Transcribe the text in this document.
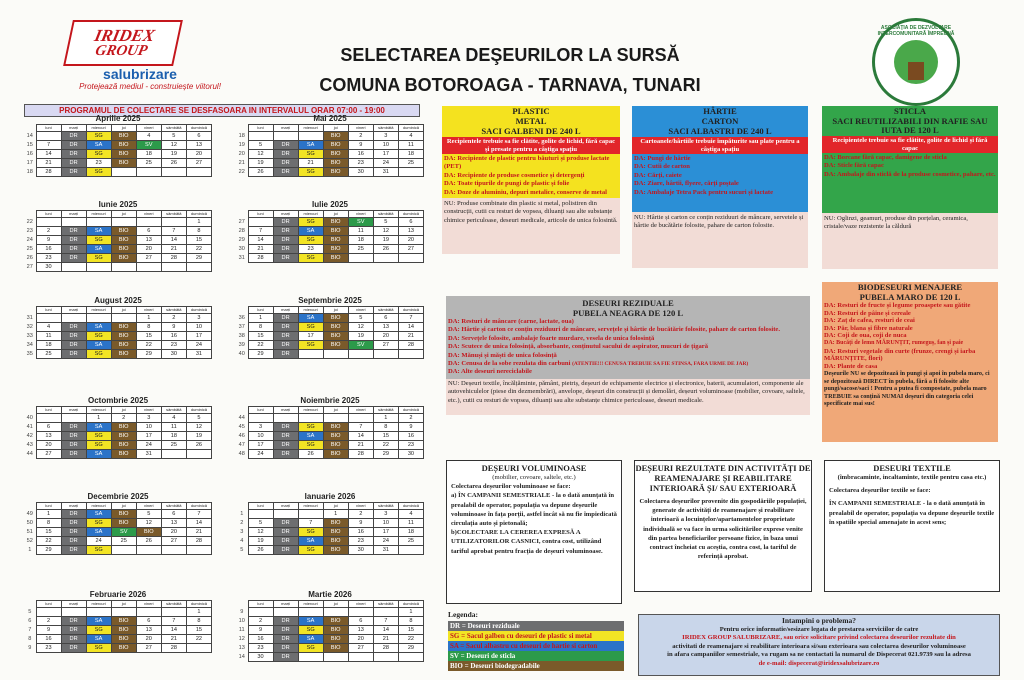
IRIDEX
GROUP
salubrizare
Protejează mediul - construiește viitorul!
SELECTAREA DEŞEURILOR LA SURSĂ
COMUNA BOTOROAGA - TARNAVA, TUNARI
ASOCIAŢIA DE DEZVOLTARE INTERCOMUNITARĂ ÎMPREUNĂ
PROGRAMUL DE COLECTARE SE DESFASOARA IN INTERVALUL ORAR 07:00 - 19:00
Aprilie 2025
	luni	marți	miercuri	joi	vineri	sâmbătă	duminică
14		DR	SG	BIO	4	5	6
15	7	DR	SA	BIO	SV	12	13
16	14	DR	SG	BIO	18	19	20
17	21	DR	23	BIO	25	26	27
18	28	DR	SG				
Mai 2025
	luni	marți	miercuri	joi	vineri	sâmbătă	duminică
18				BIO	2	3	4
19	5	DR	SA	BIO	9	10	11
20	12	DR	SG	BIO	16	17	18
21	19	DR	21	BIO	23	24	25
22	26	DR	SG	BIO	30	31	
Iunie 2025
	luni	marți	miercuri	joi	vineri	sâmbătă	duminică
22							1
23	2	DR	SA	BIO	6	7	8
24	9	DR	SG	BIO	13	14	15
25	16	DR	SA	BIO	20	21	22
26	23	DR	SG	BIO	27	28	29
27	30						
Iulie 2025
	luni	marți	miercuri	joi	vineri	sâmbătă	duminică
27		DR	SG	BIO	SV	5	6
28	7	DR	SA	BIO	11	12	13
29	14	DR	SG	BIO	18	19	20
30	21	DR	23	BIO	25	26	27
31	28	DR	SG	BIO			
August 2025
	luni	marți	miercuri	joi	vineri	sâmbătă	duminică
31					1	2	3
32	4	DR	SA	BIO	8	9	10
33	11	DR	SG	BIO	15	16	17
34	18	DR	SA	BIO	22	23	24
35	25	DR	SG	BIO	29	30	31
Septembrie 2025
	luni	marți	miercuri	joi	vineri	sâmbătă	duminică
36	1	DR	SA	BIO	5	6	7
37	8	DR	SG	BIO	12	13	14
38	15	DR	17	BIO	19	20	21
39	22	DR	SG	BIO	SV	27	28
40	29	DR					
Octombrie 2025
	luni	marți	miercuri	joi	vineri	sâmbătă	duminică
40			1	2	3	4	5
41	6	DR	SA	BIO	10	11	12
42	13	DR	SG	BIO	17	18	19
43	20	DR	SG	BIO	24	25	26
44	27	DR	SA	BIO	31		
Noiembrie 2025
	luni	marți	miercuri	joi	vineri	sâmbătă	duminică
44						1	2
45	3	DR	SG	BIO	7	8	9
46	10	DR	SA	BIO	14	15	16
47	17	DR	SG	BIO	21	22	23
48	24	DR	26	BIO	28	29	30
Decembrie 2025
	luni	marți	miercuri	joi	vineri	sâmbătă	duminică
49	1	DR	SA	BIO	5	6	7
50	8	DR	SG	BIO	12	13	14
51	15	DR	SA	SV	BIO	20	21
52	22	DR	24	25	26	27	28
1	29	DR	SG				
Ianuarie 2026
	luni	marți	miercuri	joi	vineri	sâmbătă	duminică
1				1	2	3	4
2	5	DR	7	BIO	9	10	11
3	12	DR	SG	BIO	16	17	18
4	19	DR	SA	BIO	23	24	25
5	26	DR	SG	BIO	30	31	
Februarie 2026
	luni	marți	miercuri	joi	vineri	sâmbătă	duminică
5							1
6	2	DR	SA	BIO	6	7	8
7	9	DR	SG	BIO	13	14	15
8	16	DR	SA	BIO	20	21	22
9	23	DR	SG	BIO	27	28	
Martie 2026
	luni	marți	miercuri	joi	vineri	sâmbătă	duminică
9							1
10	2	DR	SA	BIO	6	7	8
11	9	DR	SG	BIO	13	14	15
12	16	DR	SA	BIO	20	21	22
13	23	DR	SG	BIO	27	28	29
14	30	DR					
PLASTIC
METAL
SACI GALBENI DE 240 L
Recipientele trebuie sa fie clătite, golite de lichid, fără capac și presate pentru a câștiga spațiu
DA: Recipiente de plastic pentru băuturi și produse lactate (PET)
DA: Recipiente de produse cosmetice și detergenți
DA: Toate tipurile de pungi de plastic și folie
DA: Doze de aluminiu, depuri metalice, conserve de metal
NU: Produse combinate din plastic si metal, polistiren din construcții, cutii cu resturi de vopsea, diluanți sau alte substanțe chimice periculoase, deseuri medicale, articole de unica folosintă.
HÂRTIE
CARTON
SACI ALBASTRI DE 240 L
Cartoanele/hârtiile trebuie împăturite sau plate pentru a câștiga spațiu
DA: Pungi de hârtie
DA: Cutii de carton
DA: Cărți, caiete
DA: Ziare, hârtii, flyere, cărți poștale
DA: Ambalaje Tetra Pack pentru sucuri și lactate
NU: Hârtie și carton ce conțin reziduuri de mâncare, servetele și hârtie de bucătărie folosite, pahare de carton folosite.
STICLA
SACI REUTILIZABILI DIN RAFIE SAU IUTA DE 120 L
Recipientele trebuie sa fie clătite, golite de lichid și fără capac
DA: Borcane fără capac, damigene de sticla
DA: Sticle fără capac
DA: Ambalaje din sticlă de la produse cosmetice, pahare, etc.
NU: Oglinzi, geamuri, produse din porțelan, ceramica, cristale/vaze rezistente la căldură
DESEURI REZIDUALE
PUBELA NEAGRA DE 120 L
DA: Resturi de mâncare (carne, lactate, oua)
DA: Hârtie și carton ce conțin reziduuri de mâncare, servețele și hârtie de bucătărie folosite, pahare de carton folosite.
DA: Servețele folosite, ambalaje foarte murdare, vesela de unica folosință
DA: Scutece de unica folosință, absorbante, conținutul sacului de aspirator, mucuri de țigară
DA: Mănuși și măști de unica folosință
DA: Cenusa de la sobe rezulata din carbuni (ATENTIE!!! CENUSA TREBUIE SA FIE STINSA, FARA URME DE JAR)
DA: Alte deseuri nereciclabile
NU: Deșeuri textile, încălțăminte, pământ, pietriș, deșeuri de echipamente electrice și electronice, baterii, acumulatori, componente ale autovehiculelor (piese din dezmembrări), anvelope, deșeuri din construcții și demolări, deșeuri voluminoase (mobilier, covoare, saltele, etc.), cutii cu resturi de vopsea, diluanți sau alte substanțe chimice periculoase, deseuri medicale.
BIODESEURI MENAJERE
PUBELA MARO DE 120 L
DA: Resturi de fructe și legume proaspete sau gătite
DA: Resturi de pâine și cereale
DA: Zaț de cafea, resturi de ceai
DA: Păr, blana și fibre naturale
DA: Coji de oua, coji de nuca
DA: Bucăți de lemn MĂRUNȚIT, rumeguș, fan și paie
DA: Resturi vegetale din curte (frunze, crengi și iarba MĂRUNȚITE, flori)
DA: Plante de casa
Deșeurile NU se depozitează în pungi și apoi în pubela maro, ci se depozitează DIRECT în pubela, fără a fi folosite alte pungi/sacose/saci ! Pentru a putea fi compostate, pubela maro TREBUIE sa conțină NUMAI deșeuri din categoria celei specificate mai sus!
DEȘEURI VOLUMINOASE
(mobilier, covoare, saltele, etc.)
Colectarea deșeurilor voluminoase se face:
a) ÎN CAMPANII SEMESTRIALE - la o dată anunțată în prealabil de operator, populația va depune deșeurile voluminoase în fața porții, astfel încât să nu fie împiedicată circulația auto și pietonală;
b)COLECTARE LA CEREREA EXPRESĂ A UTILIZATORILOR CASNICI, contra cost, utilizând tariful aprobat pentru fracția de deșeuri voluminoase.
DEȘEURI REZULTATE DIN ACTIVITĂȚI DE REAMENAJARE ȘI REABILITARE INTERIOARĂ ȘI/ SAU EXTERIOARĂ
Colectarea deșeurilor provenite din gospodăriile populației, generate de activități de reamenajare și reabilitare interioară a locuințelor/apartamentelor proprietate individuală se va face în urma solicitărilor exprese venite din partea beneficiarilor persoane fizice, în baza unui contract încheiat cu aceștia, contra cost, la tariful de referință aprobat.
DESEURI TEXTILE
(îmbracaminte, incaltaminte, textile pentru casa etc.)
Colectarea deșeurilor textile se face:
ÎN CAMPANII SEMESTRIALE - la o dată anunțată în prealabil de operator, populația va depune deșeurile textile în spatiile special amenajate in acest sens;
Legenda:
DR = Deseuri reziduale
SG = Sacul galben cu deseuri de plastic si metal
SA = Sacul albastru cu deseuri de hartie si carton
SV = Deseuri de sticla
BIO = Deseuri biodegradabile
Intampini o problema?
Pentru orice informatie/sesizare legata de prestarea serviciilor de catre
IRIDEX GROUP SALUBRIZARE, sau orice solicitare privind colectarea deseurilor rezultate din
activitati de reamenajare si reabilitare interioara si/sau exterioara sau colectarea deseurilor voluminoase
in afara campaniilor semestriale, va rugam sa ne contactati la numarul de Dispecerat 021.9739 sau la adresa
de e-mail: dispecerat@iridexsalubrizare.ro
